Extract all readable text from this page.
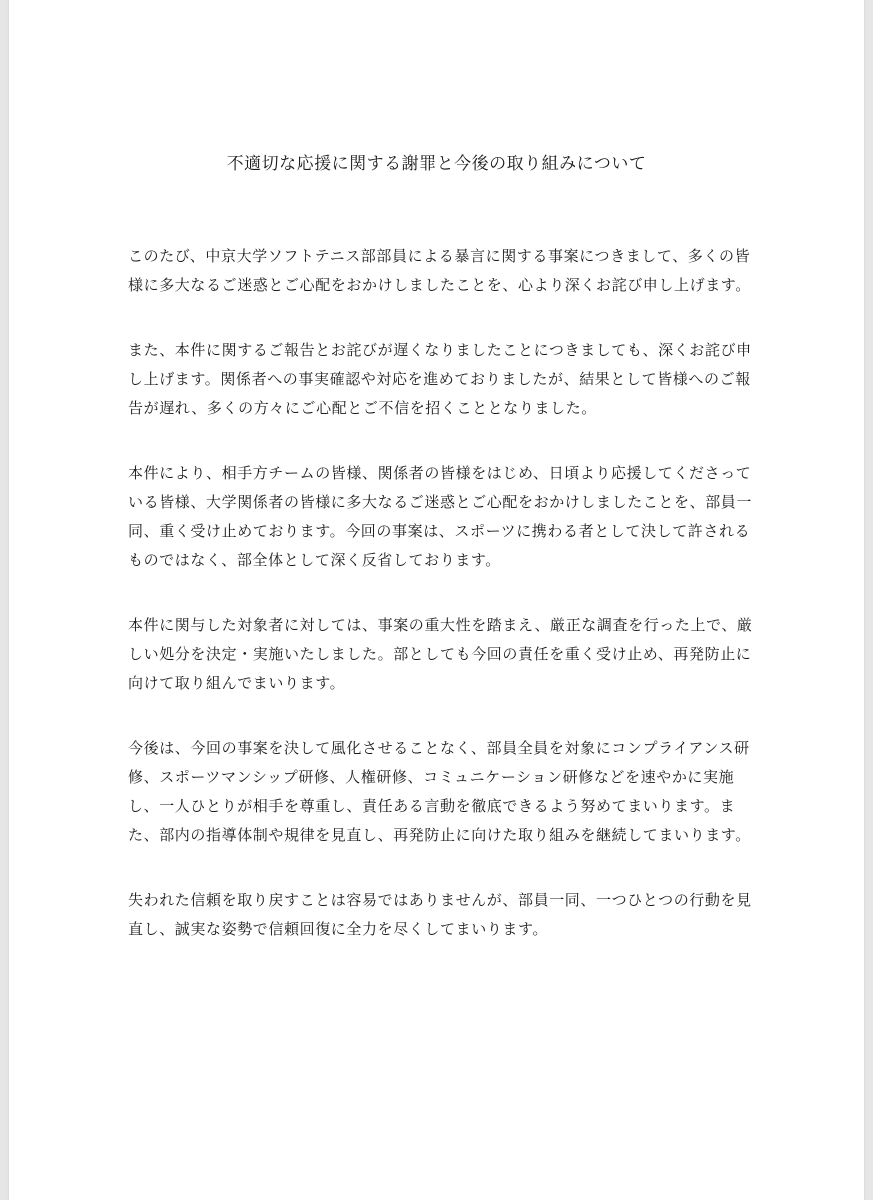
不適切な応援に関する謝罪と今後の取り組みについて
このたび、中京大学ソフトテニス部部員による暴言に関する事案につきまして、多くの皆
様に多大なるご迷惑とご心配をおかけしましたことを、心より深くお詫び申し上げます。
また、本件に関するご報告とお詫びが遅くなりましたことにつきましても、深くお詫び申
し上げます。関係者への事実確認や対応を進めておりましたが、結果として皆様へのご報
告が遅れ、多くの方々にご心配とご不信を招くこととなりました。
本件により、相手方チームの皆様、関係者の皆様をはじめ、日頃より応援してくださって
いる皆様、大学関係者の皆様に多大なるご迷惑とご心配をおかけしましたことを、部員一
同、重く受け止めております。今回の事案は、スポーツに携わる者として決して許される
ものではなく、部全体として深く反省しております。
本件に関与した対象者に対しては、事案の重大性を踏まえ、厳正な調査を行った上で、厳
しい処分を決定・実施いたしました。部としても今回の責任を重く受け止め、再発防止に
向けて取り組んでまいります。
今後は、今回の事案を決して風化させることなく、部員全員を対象にコンプライアンス研
修、スポーツマンシップ研修、人権研修、コミュニケーション研修などを速やかに実施
し、一人ひとりが相手を尊重し、責任ある言動を徹底できるよう努めてまいります。ま
た、部内の指導体制や規律を見直し、再発防止に向けた取り組みを継続してまいります。
失われた信頼を取り戻すことは容易ではありませんが、部員一同、一つひとつの行動を見
直し、誠実な姿勢で信頼回復に全力を尽くしてまいります。
